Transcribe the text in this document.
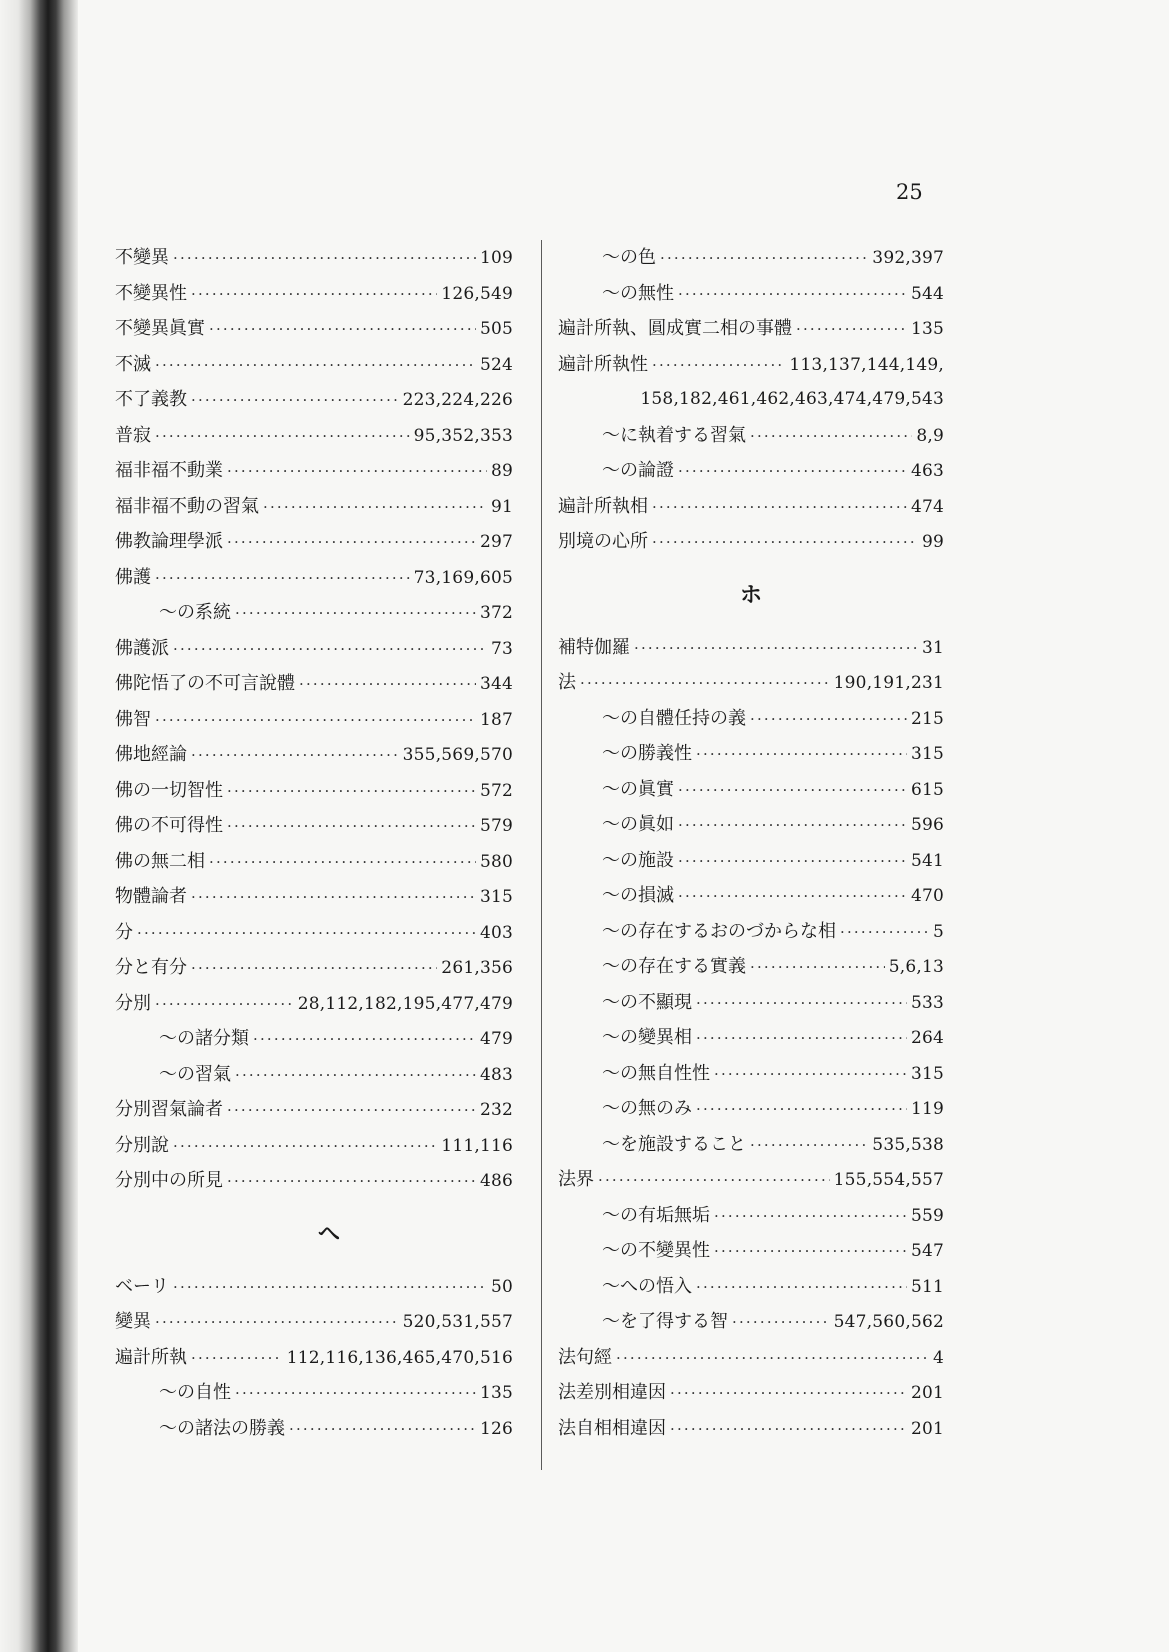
25
不變異 ·····	109
不變異性 ·····	126,549
不變異眞實 ·····	505
不滅 ·····	524
不了義教 ·····	223,224,226
普寂 ·····	95,352,353
福非福不動業 ·····	89
福非福不動の習氣 ·····	91
佛教論理學派 ·····	297
佛護 ·····	73,169,605
～の系統 ·····	372
佛護派 ·····	73
佛陀悟了の不可言說體 ·····	344
佛智 ·····	187
佛地經論 ·····	355,569,570
佛の一切智性 ·····	572
佛の不可得性 ·····	579
佛の無二相 ·····	580
物體論者 ·····	315
分 ·····	403
分と有分 ·····	261,356
分別 ·····	28,112,182,195,477,479
～の諸分類 ·····	479
～の習氣 ·····	483
分別習氣論者 ·····	232
分別說 ·····	111,116
分別中の所見 ·····	486
へ
ベーリ ·····	50
變異 ·····	520,531,557
遍計所執 ·····	112,116,136,465,470,516
～の自性 ·····	135
～の諸法の勝義 ·····	126
～の色 ·····	392,397
～の無性 ·····	544
遍計所執、圓成實二相の事體 ·····	135
遍計所執性 ·····	113,137,144,149,
158,182,461,462,463,474,479,543
～に執着する習氣 ·····	8,9
～の論證 ·····	463
遍計所執相 ·····	474
別境の心所 ·····	99
ホ
補特伽羅 ·····	31
法 ·····	190,191,231
～の自體任持の義 ·····	215
～の勝義性 ·····	315
～の眞實 ·····	615
～の眞如 ·····	596
～の施設 ·····	541
～の損滅 ·····	470
～の存在するおのづからな相 ·····	5
～の存在する實義 ·····	5,6,13
～の不顯現 ·····	533
～の變異相 ·····	264
～の無自性性 ·····	315
～の無のみ ·····	119
～を施設すること ·····	535,538
法界 ·····	155,554,557
～の有垢無垢 ·····	559
～の不變異性 ·····	547
～への悟入 ·····	511
～を了得する智 ·····	547,560,562
法句經 ·····	4
法差別相違因 ·····	201
法自相相違因 ·····	201
